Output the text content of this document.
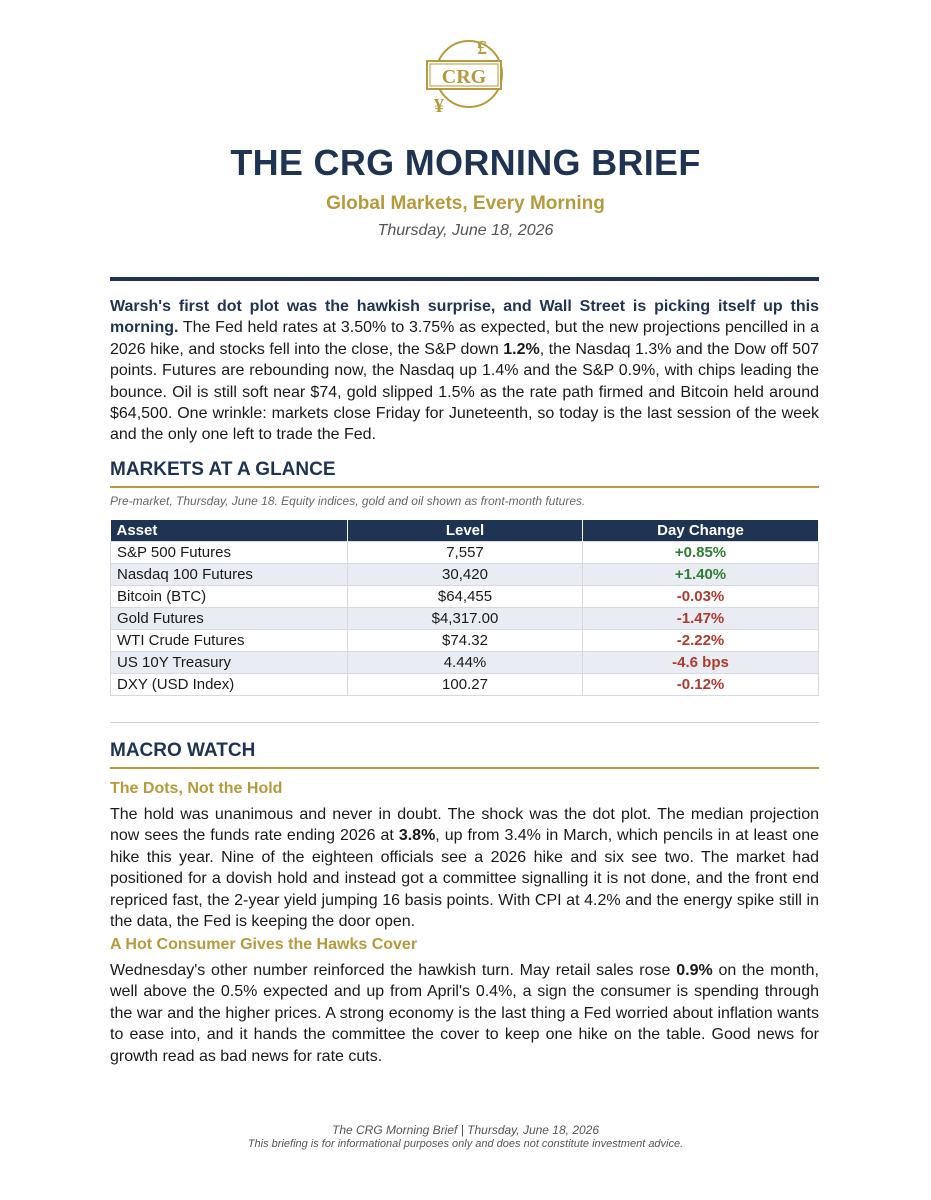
£
CRG
¥
THE CRG MORNING BRIEF
Global Markets, Every Morning
Thursday, June 18, 2026
Warsh's first dot plot was the hawkish surprise, and Wall Street is picking itself up this morning. The Fed held rates at 3.50% to 3.75% as expected, but the new projections pencilled in a 2026 hike, and stocks fell into the close, the S&P down 1.2%, the Nasdaq 1.3% and the Dow off 507 points. Futures are rebounding now, the Nasdaq up 1.4% and the S&P 0.9%, with chips leading the bounce. Oil is still soft near $74, gold slipped 1.5% as the rate path firmed and Bitcoin held around $64,500. One wrinkle: markets close Friday for Juneteenth, so today is the last session of the week and the only one left to trade the Fed.
MARKETS AT A GLANCE
Pre-market, Thursday, June 18. Equity indices, gold and oil shown as front-month futures.
Asset	Level	Day Change
S&P 500 Futures	7,557	+0.85%
Nasdaq 100 Futures	30,420	+1.40%
Bitcoin (BTC)	$64,455	-0.03%
Gold Futures	$4,317.00	-1.47%
WTI Crude Futures	$74.32	-2.22%
US 10Y Treasury	4.44%	-4.6 bps
DXY (USD Index)	100.27	-0.12%
MACRO WATCH
The Dots, Not the Hold
The hold was unanimous and never in doubt. The shock was the dot plot. The median projection now sees the funds rate ending 2026 at 3.8%, up from 3.4% in March, which pencils in at least one hike this year. Nine of the eighteen officials see a 2026 hike and six see two. The market had positioned for a dovish hold and instead got a committee signalling it is not done, and the front end repriced fast, the 2-year yield jumping 16 basis points. With CPI at 4.2% and the energy spike still in the data, the Fed is keeping the door open.
A Hot Consumer Gives the Hawks Cover
Wednesday's other number reinforced the hawkish turn. May retail sales rose 0.9% on the month, well above the 0.5% expected and up from April's 0.4%, a sign the consumer is spending through the war and the higher prices. A strong economy is the last thing a Fed worried about inflation wants to ease into, and it hands the committee the cover to keep one hike on the table. Good news for growth read as bad news for rate cuts.
The CRG Morning Brief | Thursday, June 18, 2026
This briefing is for informational purposes only and does not constitute investment advice.
